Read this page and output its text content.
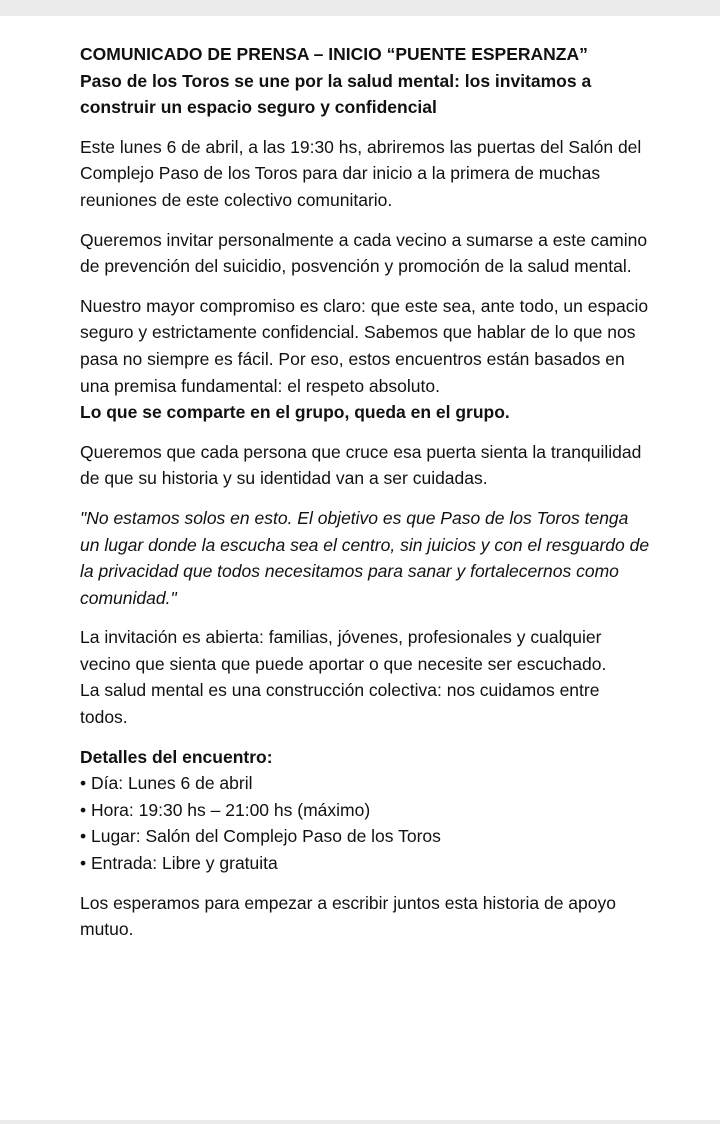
COMUNICADO DE PRENSA – INICIO “PUENTE ESPERANZA”
Paso de los Toros se une por la salud mental: los invitamos a construir un espacio seguro y confidencial

Este lunes 6 de abril, a las 19:30 hs, abriremos las puertas del Salón del Complejo Paso de los Toros para dar inicio a la primera de muchas reuniones de este colectivo comunitario.

Queremos invitar personalmente a cada vecino a sumarse a este camino de prevención del suicidio, posvención y promoción de la salud mental.

Nuestro mayor compromiso es claro: que este sea, ante todo, un espacio seguro y estrictamente confidencial. Sabemos que hablar de lo que nos pasa no siempre es fácil. Por eso, estos encuentros están basados en una premisa fundamental: el respeto absoluto.
Lo que se comparte en el grupo, queda en el grupo.

Queremos que cada persona que cruce esa puerta sienta la tranquilidad de que su historia y su identidad van a ser cuidadas.

"No estamos solos en esto. El objetivo es que Paso de los Toros tenga un lugar donde la escucha sea el centro, sin juicios y con el resguardo de la privacidad que todos necesitamos para sanar y fortalecernos como comunidad."

La invitación es abierta: familias, jóvenes, profesionales y cualquier vecino que sienta que puede aportar o que necesite ser escuchado.
La salud mental es una construcción colectiva: nos cuidamos entre todos.

Detalles del encuentro:
• Día: Lunes 6 de abril
• Hora: 19:30 hs – 21:00 hs (máximo)
• Lugar: Salón del Complejo Paso de los Toros
• Entrada: Libre y gratuita

Los esperamos para empezar a escribir juntos esta historia de apoyo mutuo.
